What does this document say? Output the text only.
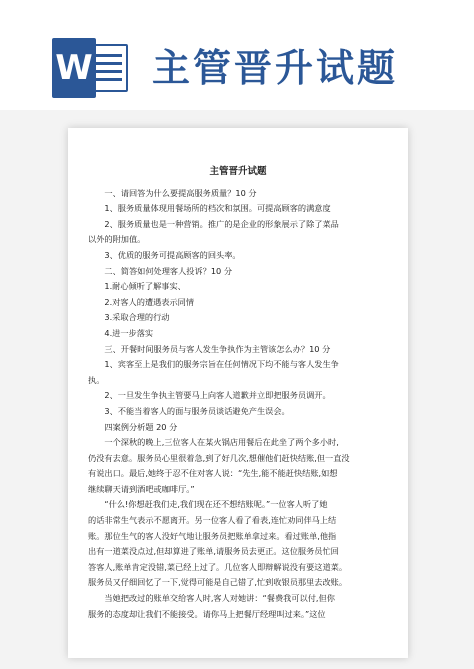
W 主管晋升试题
主管晋升试题

　　一、请回答为什么要提高服务质量？10 分

　　1、服务质量体现用餐场所的档次和氛围。可提高顾客的满意度

　　2、服务质量也是一种营销。推广的是企业的形象展示了除了菜品

以外的附加值。

　　3、优质的服务可提高顾客的回头率。

　　二、简答如何处理客人投诉？10 分

　　1.耐心倾听了解事实、

　　2.对客人的遭遇表示同情

　　3.采取合理的行动

　　4.进一步落实

　　三、开餐时间服务员与客人发生争执作为主管该怎么办？10 分

　　1、宾客至上是我们的服务宗旨在任何情况下均不能与客人发生争

执。

　　2、一旦发生争执主管要马上向客人道歉并立即把服务员调开。

　　3、不能当着客人的面与服务员谈话避免产生误会。

　　四案例分析题 20 分

　　一个深秋的晚上,三位客人在某火锅店用餐后在此坐了两个多小时,

仍没有去意。服务员心里很着急,到了好几次,想催他们赶快结账,但一直没

有说出口。最后,她终于忍不住对客人说：“先生,能不能赶快结账,如想

继续聊天请到酒吧或咖啡厅。”

　　“什么!你想赶我们走,我们现在还不想结账呢。”一位客人听了她

的话非常生气表示不愿离开。另一位客人看了看表,连忙劝同伴马上结

账。那位生气的客人没好气地让服务员把账单拿过来。看过账单,他指

出有一道菜没点过,但却算进了账单,请服务员去更正。这位服务员忙回

答客人,账单肯定没错,菜已经上过了。几位客人即辩解说没有要这道菜。

服务员又仔细回忆了一下,觉得可能是自己错了,忙到收银员那里去改账。

　　当她把改过的账单交给客人时,客人对她讲：“餐费我可以付,但你

服务的态度却让我们不能接受。请你马上把餐厅经理叫过来。”这位
